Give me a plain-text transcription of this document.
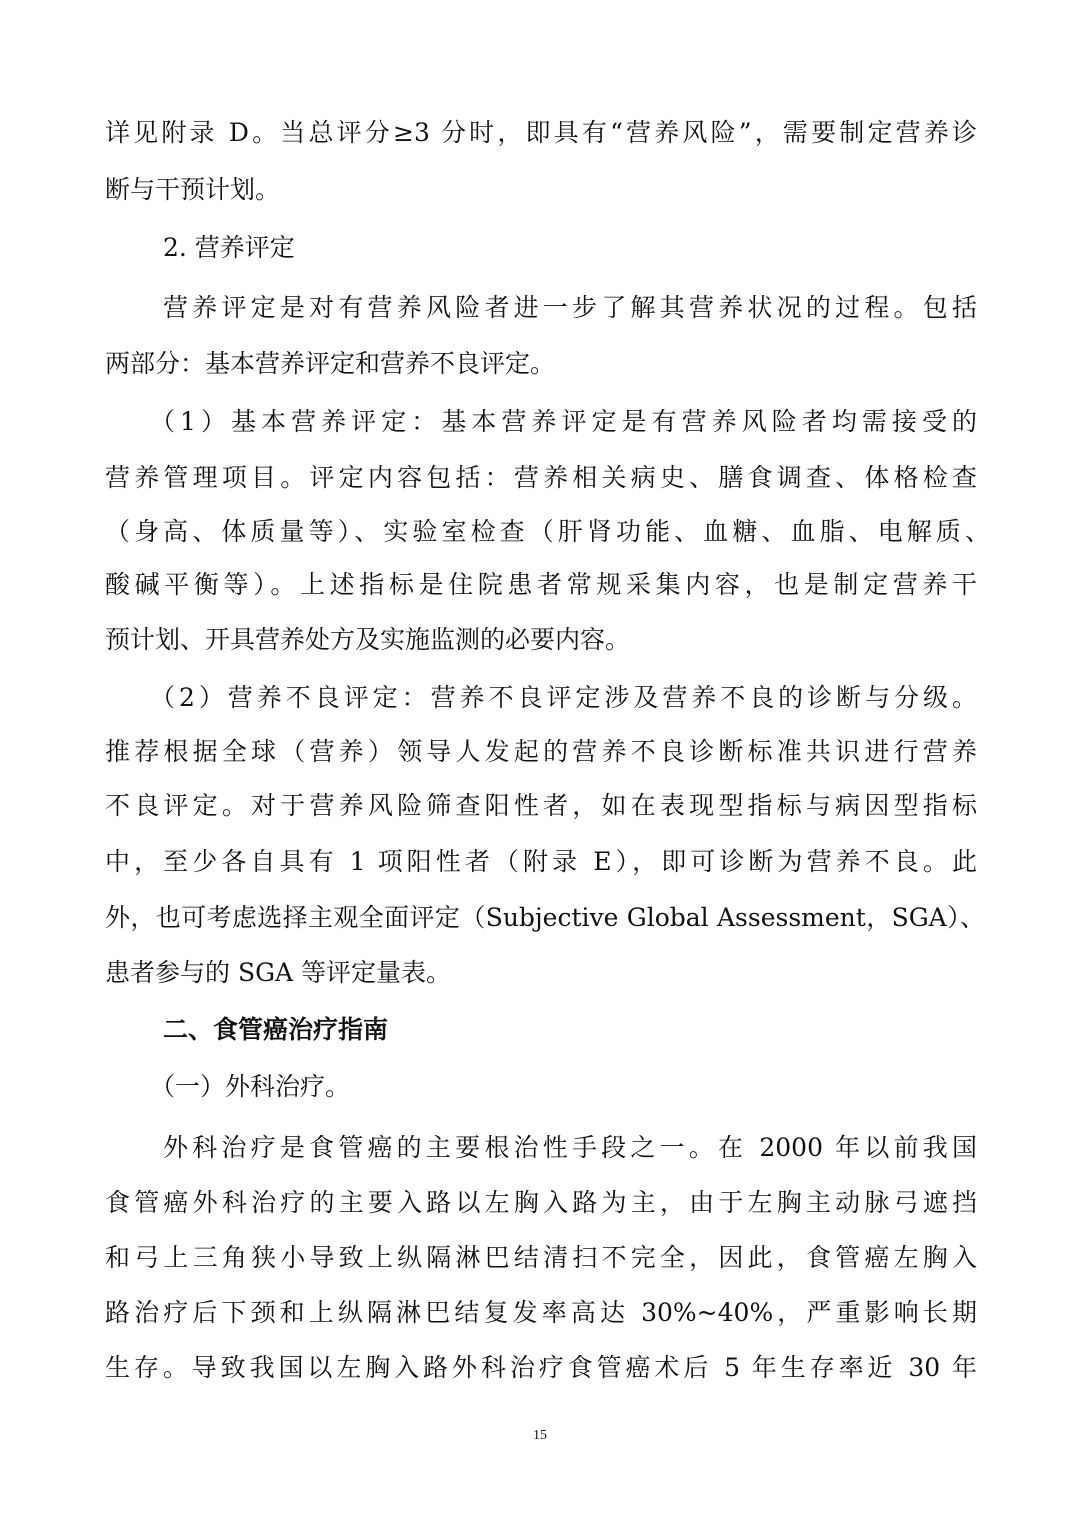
详见附录 D。当总评分≥3 分时，即具有“营养风险”，需要制定营养诊
断与干预计划。
2. 营养评定
营养评定是对有营养风险者进一步了解其营养状况的过程。包括
两部分：基本营养评定和营养不良评定。
（1）基本营养评定：基本营养评定是有营养风险者均需接受的
营养管理项目。评定内容包括：营养相关病史、膳食调查、体格检查
（身高、体质量等）、实验室检查（肝肾功能、血糖、血脂、电解质、
酸碱平衡等）。上述指标是住院患者常规采集内容，也是制定营养干
预计划、开具营养处方及实施监测的必要内容。
（2）营养不良评定：营养不良评定涉及营养不良的诊断与分级。
推荐根据全球（营养）领导人发起的营养不良诊断标准共识进行营养
不良评定。对于营养风险筛查阳性者，如在表现型指标与病因型指标
中，至少各自具有 1 项阳性者（附录 E），即可诊断为营养不良。此
外，也可考虑选择主观全面评定（Subjective Global Assessment，SGA）、
患者参与的 SGA 等评定量表。
二、食管癌治疗指南
（一）外科治疗。
外科治疗是食管癌的主要根治性手段之一。在 2000 年以前我国
食管癌外科治疗的主要入路以左胸入路为主，由于左胸主动脉弓遮挡
和弓上三角狭小导致上纵隔淋巴结清扫不完全，因此，食管癌左胸入
路治疗后下颈和上纵隔淋巴结复发率高达 30%~40%，严重影响长期
生存。导致我国以左胸入路外科治疗食管癌术后 5 年生存率近 30 年
15
